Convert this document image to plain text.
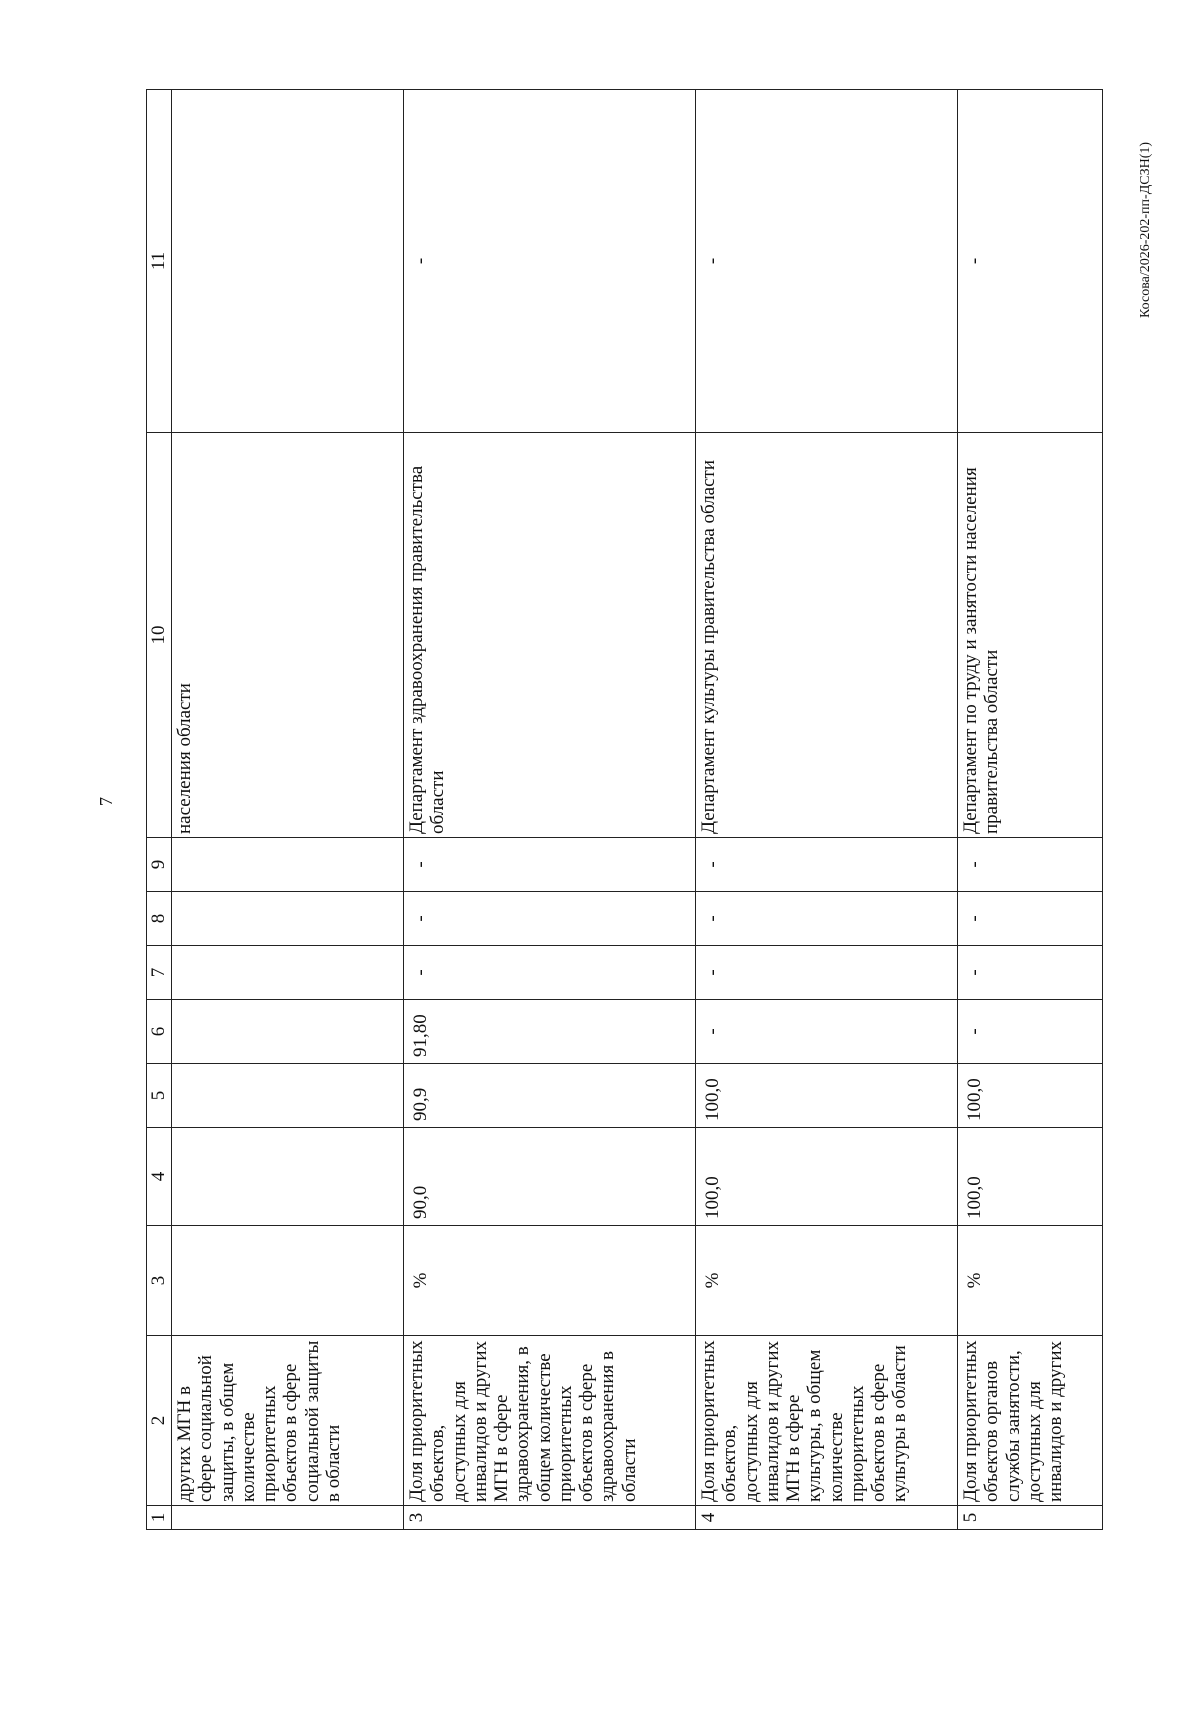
7
Косова/2026-202-пп-ДСЗН(1)
1	2	3	4	5	6	7	8	9	10	11
	других МГН в сфере социальной защиты, в общем количестве приоритетных объектов в сфере социальной защиты в области								населения области	
3	Доля приоритетных объектов, доступных для инвалидов и других МГН в сфере здравоохранения, в общем количестве приоритетных объектов в сфере здравоохранения в области	%	90,0	90,9	91,80	-	-	-	Департамент здравоохранения правительства области	-
4	Доля приоритетных объектов, доступных для инвалидов и других МГН в сфере культуры, в общем количестве приоритетных объектов в сфере культуры в области	%	100,0	100,0	-	-	-	-	Департамент культуры правительства области	-
5	Доля приоритетных объектов органов службы занятости, доступных для инвалидов и других	%	100,0	100,0	-	-	-	-	Департамент по труду и занятости населения правительства области	-
